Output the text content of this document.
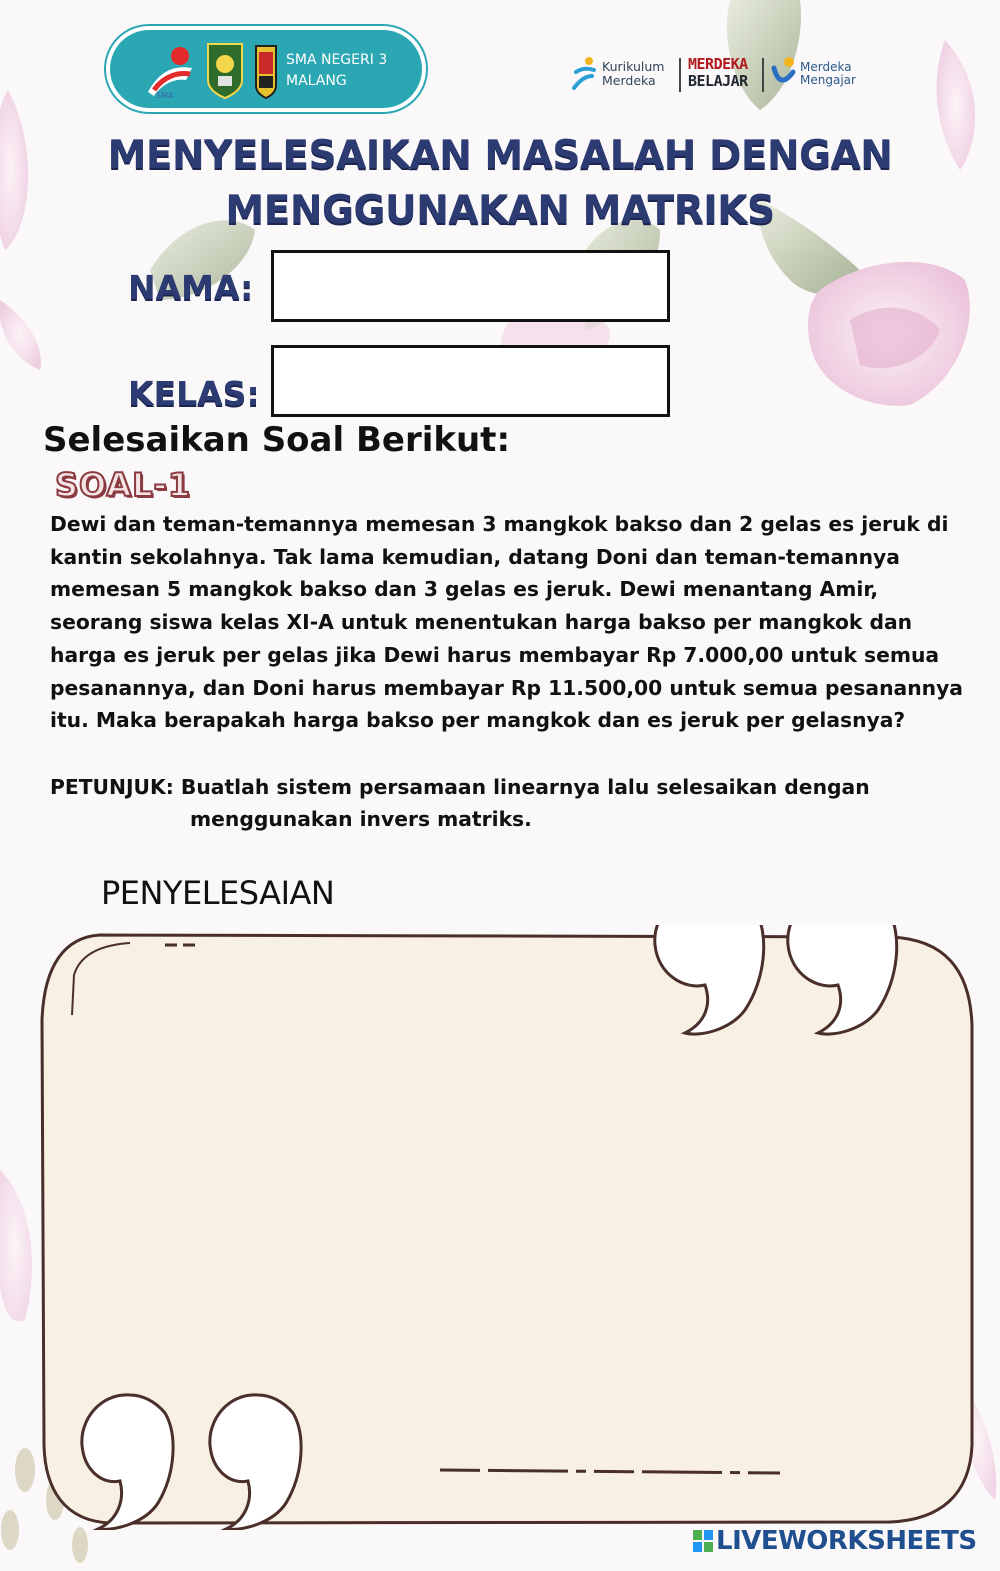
SMA
SMA NEGERI 3
MALANG
Kurikulum
Merdeka
MERDEKA
BELAJAR
Merdeka
Mengajar
MENYELESAIKAN MASALAH DENGAN
MENGGUNAKAN MATRIKS
NAMA:
KELAS:
Selesaikan Soal Berikut:
SOAL-1
Dewi dan teman-temannya memesan 3 mangkok bakso dan 2 gelas es jeruk di kantin sekolahnya. Tak lama kemudian, datang Doni dan teman-temannya memesan 5 mangkok bakso dan 3 gelas es jeruk. Dewi menantang Amir, seorang siswa kelas XI-A untuk menentukan harga bakso per mangkok dan harga es jeruk per gelas jika Dewi harus membayar Rp 7.000,00 untuk semua pesanannya, dan Doni harus membayar Rp 11.500,00 untuk semua pesanannya itu. Maka berapakah harga bakso per mangkok dan es jeruk per gelasnya?
PETUNJUK: Buatlah sistem persamaan linearnya lalu selesaikan dengan
menggunakan invers matriks.
PENYELESAIAN
LIVEWORKSHEETS
